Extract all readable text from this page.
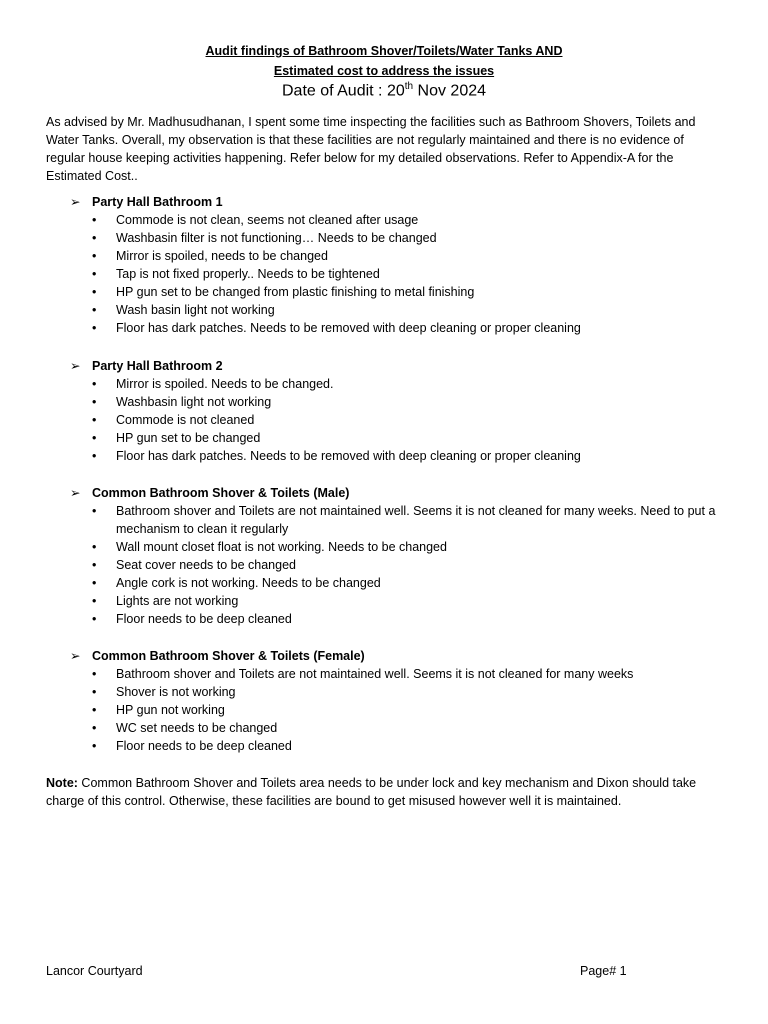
Audit findings of Bathroom Shover/Toilets/Water Tanks AND
Estimated cost to address the issues
Date of Audit : 20th Nov 2024
As advised by Mr. Madhusudhanan, I spent some time inspecting the facilities such as Bathroom Shovers, Toilets and Water Tanks. Overall, my observation is that these facilities are not regularly maintained and there is no evidence of regular house keeping activities happening. Refer below for my detailed observations. Refer to Appendix-A for the Estimated Cost..
➢ Party Hall Bathroom 1
• Commode is not clean, seems not cleaned after usage
• Washbasin filter is not functioning… Needs to be changed
• Mirror is spoiled, needs to be changed
• Tap is not fixed properly.. Needs to be tightened
• HP gun set to be changed from plastic finishing to metal finishing
• Wash basin light not working
• Floor has dark patches. Needs to be removed with deep cleaning or proper cleaning
➢ Party Hall Bathroom 2
• Mirror is spoiled. Needs to be changed.
• Washbasin light not working
• Commode is not cleaned
• HP gun set to be changed
• Floor has dark patches. Needs to be removed with deep cleaning or proper cleaning
➢ Common Bathroom Shover & Toilets (Male)
• Bathroom shover and Toilets are not maintained well. Seems it is not cleaned for many weeks. Need to put a mechanism to clean it regularly
• Wall mount closet float is not working. Needs to be changed
• Seat cover needs to be changed
• Angle cork is not working. Needs to be changed
• Lights are not working
• Floor needs to be deep cleaned
➢ Common Bathroom Shover & Toilets (Female)
• Bathroom shover and Toilets are not maintained well. Seems it is not cleaned for many weeks
• Shover is not working
• HP gun not working
• WC set needs to be changed
• Floor needs to be deep cleaned
Note: Common Bathroom Shover and Toilets area needs to be under lock and key mechanism and Dixon should take charge of this control. Otherwise, these facilities are bound to get misused however well it is maintained.
Lancor Courtyard	Page# 1
